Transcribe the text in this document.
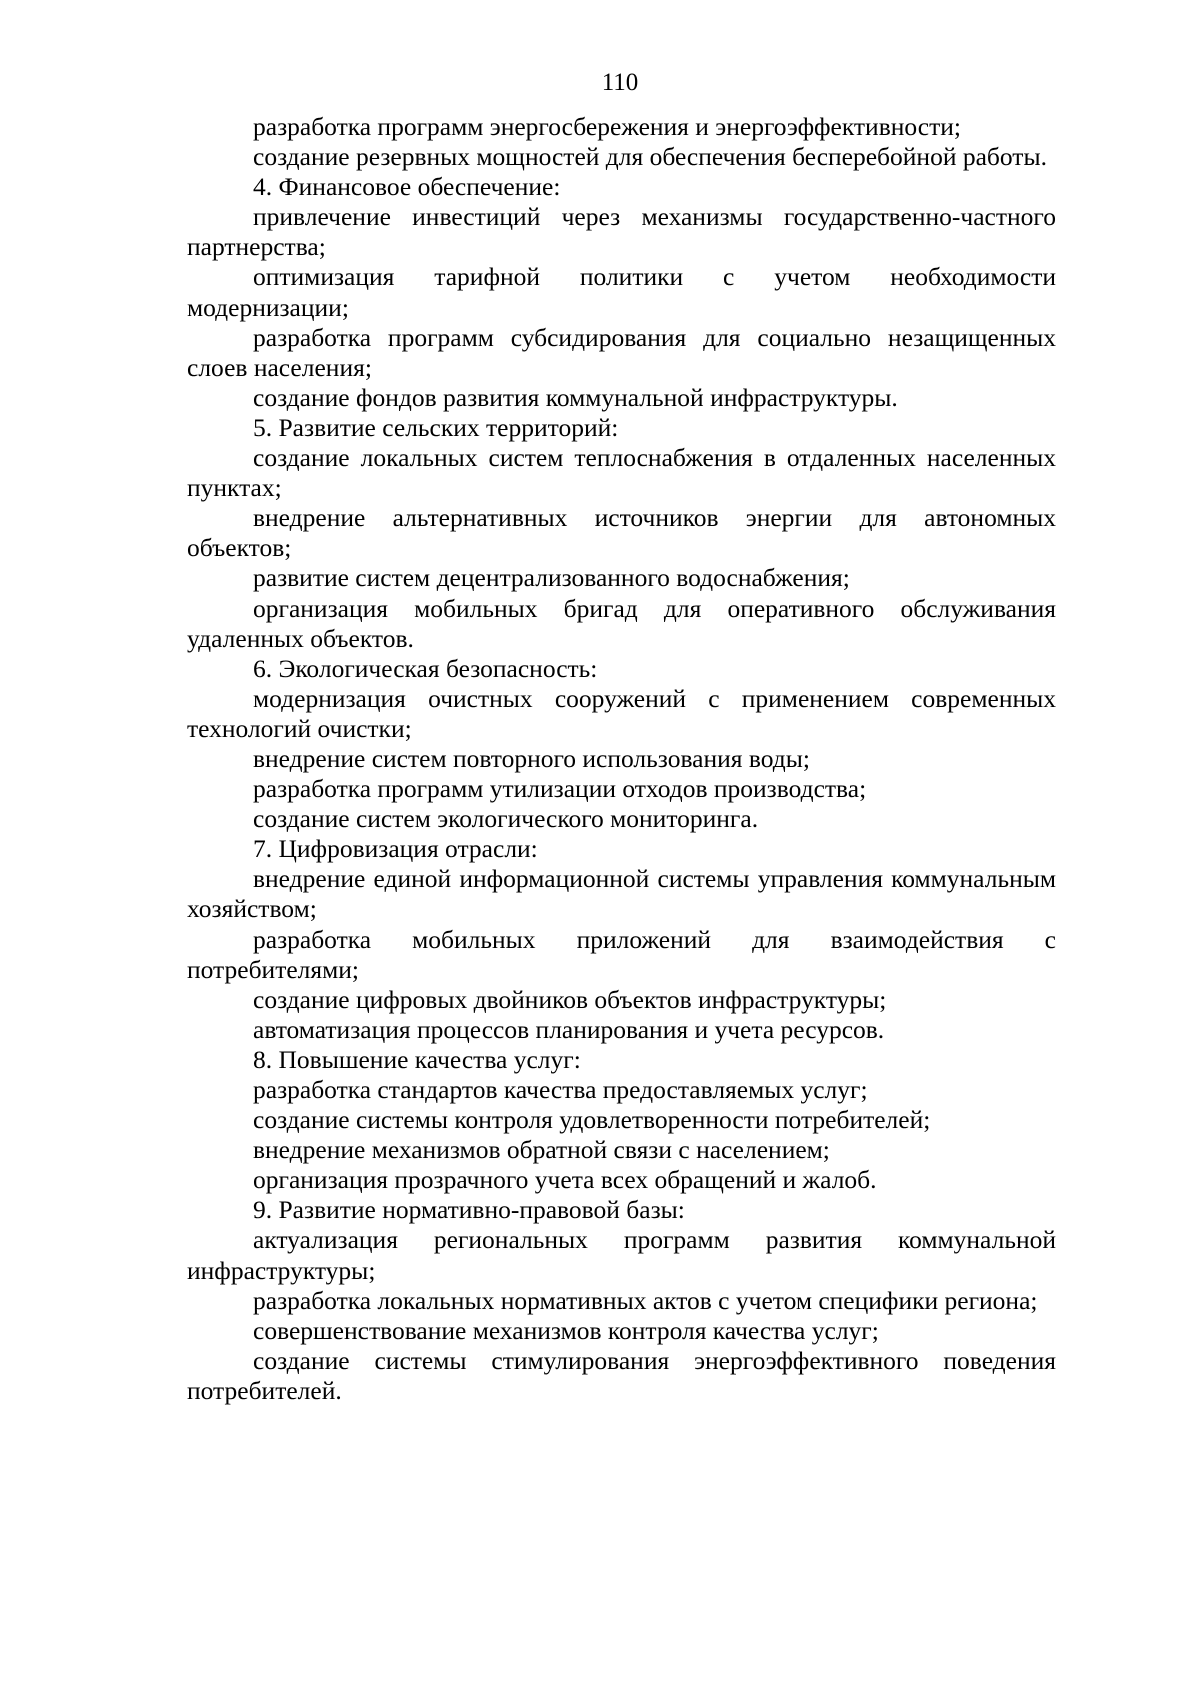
110

разработка программ энергосбережения и энергоэффективности;

создание резервных мощностей для обеспечения бесперебойной работы.

4. Финансовое обеспечение:

привлечение инвестиций через механизмы государственно-частного партнерства;

оптимизация тарифной политики с учетом необходимости модернизации;

разработка программ субсидирования для социально незащищенных слоев населения;

создание фондов развития коммунальной инфраструктуры.

5. Развитие сельских территорий:

создание локальных систем теплоснабжения в отдаленных населенных пунктах;

внедрение альтернативных источников энергии для автономных объектов;

развитие систем децентрализованного водоснабжения;

организация мобильных бригад для оперативного обслуживания удаленных объектов.

6. Экологическая безопасность:

модернизация очистных сооружений с применением современных технологий очистки;

внедрение систем повторного использования воды;

разработка программ утилизации отходов производства;

создание систем экологического мониторинга.

7. Цифровизация отрасли:

внедрение единой информационной системы управления коммунальным хозяйством;

разработка мобильных приложений для взаимодействия с потребителями;

создание цифровых двойников объектов инфраструктуры;

автоматизация процессов планирования и учета ресурсов.

8. Повышение качества услуг:

разработка стандартов качества предоставляемых услуг;

создание системы контроля удовлетворенности потребителей;

внедрение механизмов обратной связи с населением;

организация прозрачного учета всех обращений и жалоб.

9. Развитие нормативно-правовой базы:

актуализация региональных программ развития коммунальной инфраструктуры;

разработка локальных нормативных актов с учетом специфики региона;

совершенствование механизмов контроля качества услуг;

создание системы стимулирования энергоэффективного поведения потребителей.
